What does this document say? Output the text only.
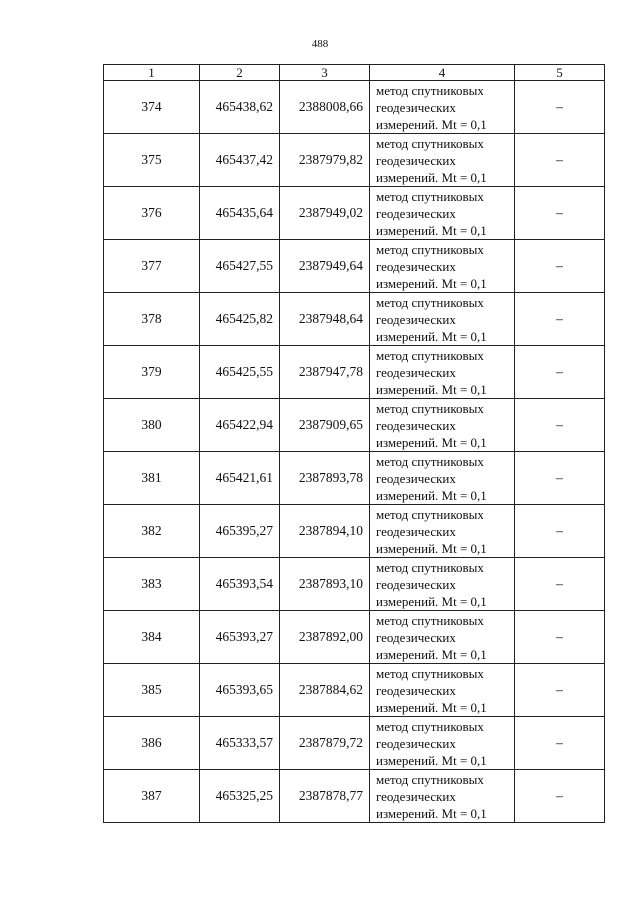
488
1	2	3	4	5
374	465438,62	2388008,66	метод спутниковых
геодезических
измерений. Mt = 0,1	–
375	465437,42	2387979,82	метод спутниковых
геодезических
измерений. Mt = 0,1	–
376	465435,64	2387949,02	метод спутниковых
геодезических
измерений. Mt = 0,1	–
377	465427,55	2387949,64	метод спутниковых
геодезических
измерений. Mt = 0,1	–
378	465425,82	2387948,64	метод спутниковых
геодезических
измерений. Mt = 0,1	–
379	465425,55	2387947,78	метод спутниковых
геодезических
измерений. Mt = 0,1	–
380	465422,94	2387909,65	метод спутниковых
геодезических
измерений. Mt = 0,1	–
381	465421,61	2387893,78	метод спутниковых
геодезических
измерений. Mt = 0,1	–
382	465395,27	2387894,10	метод спутниковых
геодезических
измерений. Mt = 0,1	–
383	465393,54	2387893,10	метод спутниковых
геодезических
измерений. Mt = 0,1	–
384	465393,27	2387892,00	метод спутниковых
геодезических
измерений. Mt = 0,1	–
385	465393,65	2387884,62	метод спутниковых
геодезических
измерений. Mt = 0,1	–
386	465333,57	2387879,72	метод спутниковых
геодезических
измерений. Mt = 0,1	–
387	465325,25	2387878,77	метод спутниковых
геодезических
измерений. Mt = 0,1	–
